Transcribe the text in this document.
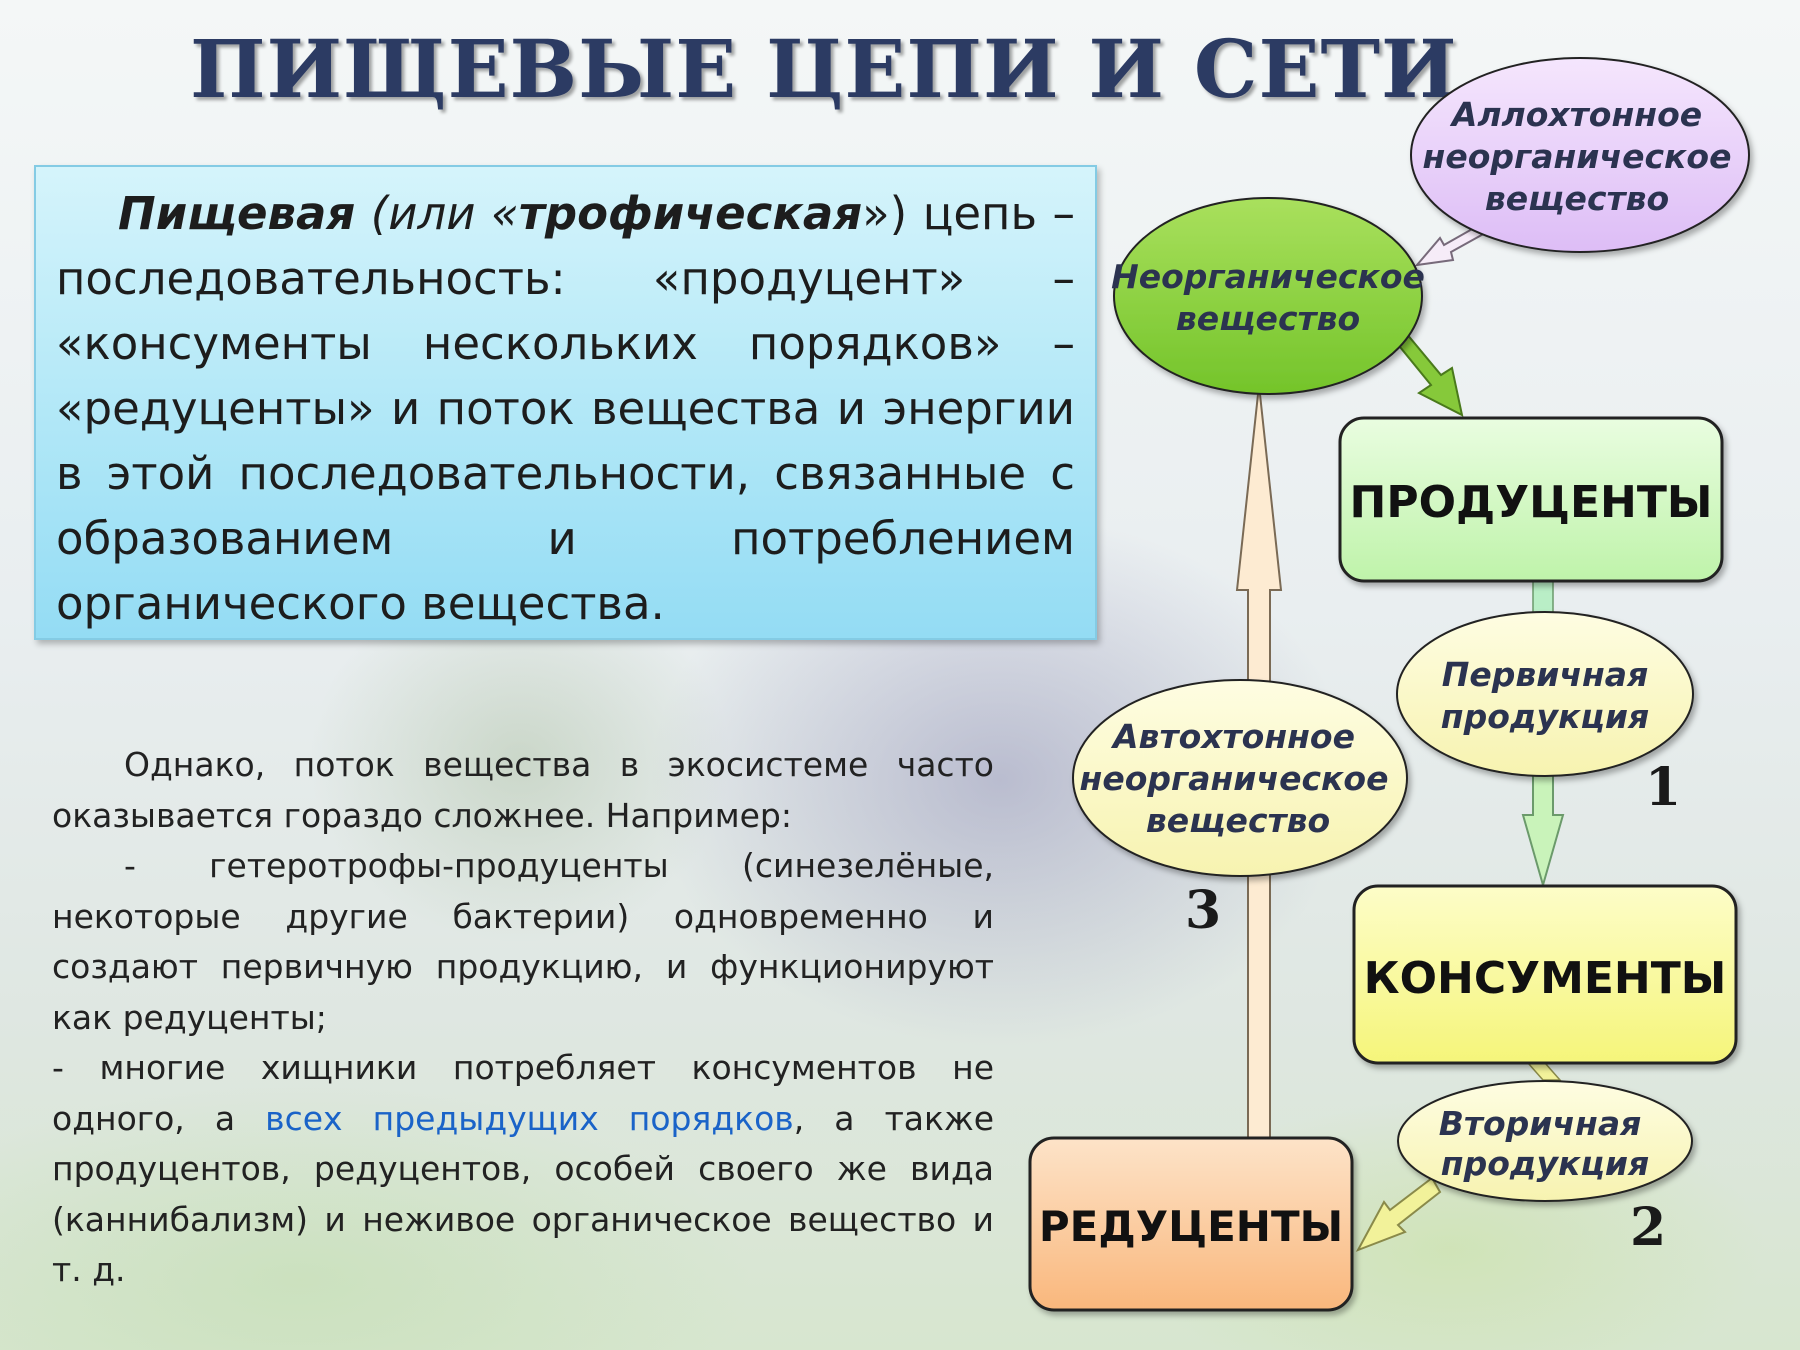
ПИЩЕВЫЕ ЦЕПИ И СЕТИ

Пищевая (или «трофическая») цепь – последовательность: «продуцент» – «консументы нескольких порядков» – «редуценты» и поток вещества и энергии в этой последовательности, связанные с образованием и потреблением органического вещества.

Однако, поток вещества в экосистеме часто оказывается гораздо сложнее. Например:

- гетеротрофы-продуценты (синезелёные, некоторые другие бактерии) одновременно и создают первичную продукцию, и функционируют как редуценты;

- многие хищники потребляет консументов не одного, а всех предыдущих порядков, а также продуцентов, редуцентов, особей своего же вида (каннибализм) и неживое органическое вещество и т. д.

Аллохтонное
неорганическое
вещество
Неорганическое
вещество
ПРОДУЦЕНТЫ
Первичная
продукция
1
КОНСУМЕНТЫ
Вторичная
продукция
2
Автохтонное
неорганическое
вещество
3
РЕДУЦЕНТЫ
